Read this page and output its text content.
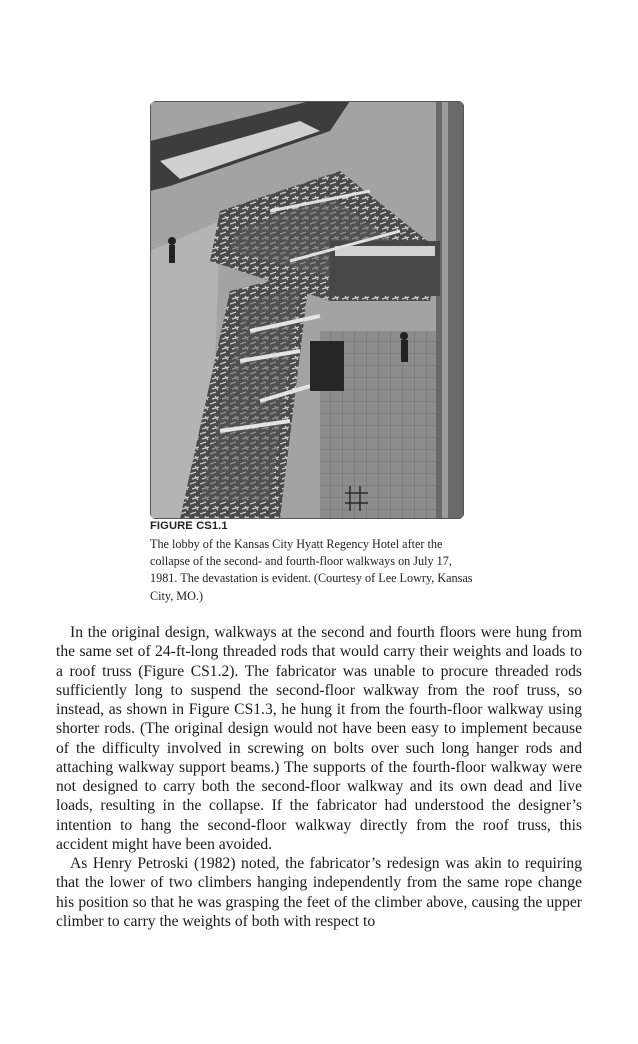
FIGURE CS1.1
The lobby of the Kansas City Hyatt Regency Hotel after the collapse of the second- and fourth-floor walkways on July 17, 1981. The devastation is evident. (Courtesy of Lee Lowry, Kansas City, MO.)

In the original design, walkways at the second and fourth floors were hung from the same set of 24-ft-long threaded rods that would carry their weights and loads to a roof truss (Figure CS1.2). The fabricator was unable to procure threaded rods sufficiently long to suspend the second-floor walkway from the roof truss, so instead, as shown in Figure CS1.3, he hung it from the fourth-floor walkway using shorter rods. (The original design would not have been easy to implement because of the difficulty involved in screwing on bolts over such long hanger rods and attaching walkway support beams.) The supports of the fourth-floor walkway were not designed to carry both the second-floor walkway and its own dead and live loads, resulting in the collapse. If the fabricator had understood the designer’s intention to hang the second-floor walkway directly from the roof truss, this accident might have been avoided.

As Henry Petroski (1982) noted, the fabricator’s redesign was akin to requiring that the lower of two climbers hanging independently from the same rope change his position so that he was grasping the feet of the climber above, causing the upper climber to carry the weights of both with respect to
